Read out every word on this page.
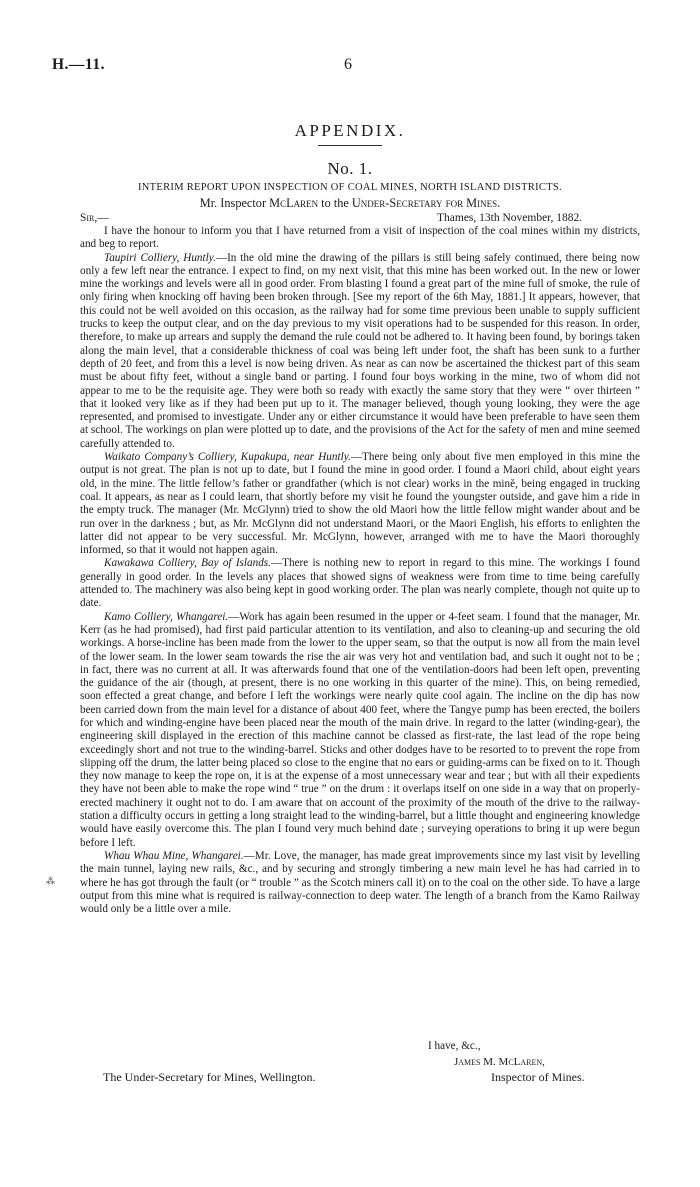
H.—11.	6
APPENDIX.
No. 1.
INTERIM REPORT UPON INSPECTION OF COAL MINES, NORTH ISLAND DISTRICTS.
Mr. Inspector McLaren to the Under-Secretary for Mines.
Sir,—	Thames, 13th November, 1882.

I have the honour to inform you that I have returned from a visit of inspection of the coal mines within my districts, and beg to report.

Taupiri Colliery, Huntly.—In the old mine the drawing of the pillars is still being safely continued, there being now only a few left near the entrance. I expect to find, on my next visit, that this mine has been worked out. In the new or lower mine the workings and levels were all in good order. From blasting I found a great part of the mine full of smoke, the rule of only firing when knocking off having been broken through. [See my report of the 6th May, 1881.] It appears, however, that this could not be well avoided on this occasion, as the railway had for some time previous been unable to supply sufficient trucks to keep the output clear, and on the day previous to my visit operations had to be suspended for this reason. In order, therefore, to make up arrears and supply the demand the rule could not be adhered to. It having been found, by borings taken along the main level, that a considerable thickness of coal was being left under foot, the shaft has been sunk to a further depth of 20 feet, and from this a level is now being driven. As near as can now be ascertained the thickest part of this seam must be about fifty feet, without a single band or parting. I found four boys working in the mine, two of whom did not appear to me to be the requisite age. They were both so ready with exactly the same story that they were “ over thirteen ” that it looked very like as if they had been put up to it. The manager believed, though young looking, they were the age represented, and promised to investigate. Under any or either circumstance it would have been preferable to have seen them at school. The workings on plan were plotted up to date, and the provisions of the Act for the safety of men and mine seemed carefully attended to.

Waikato Company’s Colliery, Kupakupa, near Huntly.—There being only about five men employed in this mine the output is not great. The plan is not up to date, but I found the mine in good order. I found a Maori child, about eight years old, in the mine. The little fellow’s father or grandfather (which is not clear) works in the minĕ, being engaged in trucking coal. It appears, as near as I could learn, that shortly before my visit he found the youngster outside, and gave him a ride in the empty truck. The manager (Mr. McGlynn) tried to show the old Maori how the little fellow might wander about and be run over in the darkness ; but, as Mr. McGlynn did not understand Maori, or the Maori English, his efforts to enlighten the latter did not appear to be very successful. Mr. McGlynn, however, arranged with me to have the Maori thoroughly informed, so that it would not happen again.

Kawakawa Colliery, Bay of Islands.—There is nothing new to report in regard to this mine. The workings I found generally in good order. In the levels any places that showed signs of weakness were from time to time being carefully attended to. The machinery was also being kept in good working order. The plan was nearly complete, though not quite up to date.

Kamo Colliery, Whangarei.—Work has again been resumed in the upper or 4-feet seam. I found that the manager, Mr. Kerr (as he had promised), had first paid particular attention to its ventilation, and also to cleaning-up and securing the old workings. A horse-incline has been made from the lower to the upper seam, so that the output is now all from the main level of the lower seam. In the lower seam towards the rise the air was very hot and ventilation bad, and such it ought not to be ; in fact, there was no current at all. It was afterwards found that one of the ventilation-doors had been left open, preventing the guidance of the air (though, at present, there is no one working in this quarter of the mine). This, on being remedied, soon effected a great change, and before I left the workings were nearly quite cool again. The incline on the dip has now been carried down from the main level for a distance of about 400 feet, where the Tangye pump has been erected, the boilers for which and winding-engine have been placed near the mouth of the main drive. In regard to the latter (winding-gear), the engineering skill displayed in the erection of this machine cannot be classed as first-rate, the last lead of the rope being exceedingly short and not true to the winding-barrel. Sticks and other dodges have to be resorted to to prevent the rope from slipping off the drum, the latter being placed so close to the engine that no ears or guiding-arms can be fixed on to it. Though they now manage to keep the rope on, it is at the expense of a most unnecessary wear and tear ; but with all their expedients they have not been able to make the rope wind “ true ” on the drum : it overlaps itself on one side in a way that on properly-erected machinery it ought not to do. I am aware that on account of the proximity of the mouth of the drive to the railway-station a difficulty occurs in getting a long straight lead to the winding-barrel, but a little thought and engineering knowledge would have easily overcome this. The plan I found very much behind date ; surveying operations to bring it up were begun before I left.

Whau Whau Mine, Whangarei.—Mr. Love, the manager, has made great improvements since my last visit by levelling the main tunnel, laying new rails, &c., and by securing and strongly timbering a new main level he has had carried in to where he has got through the fault (or “ trouble ” as the Scotch miners call it) on to the coal on the other side. To have a large output from this mine what is required is railway-connection to deep water. The length of a branch from the Kamo Railway would only be a little over a mile.

I have, &c.,
James M. McLaren,
The Under-Secretary for Mines, Wellington.	Inspector of Mines.
⁂
